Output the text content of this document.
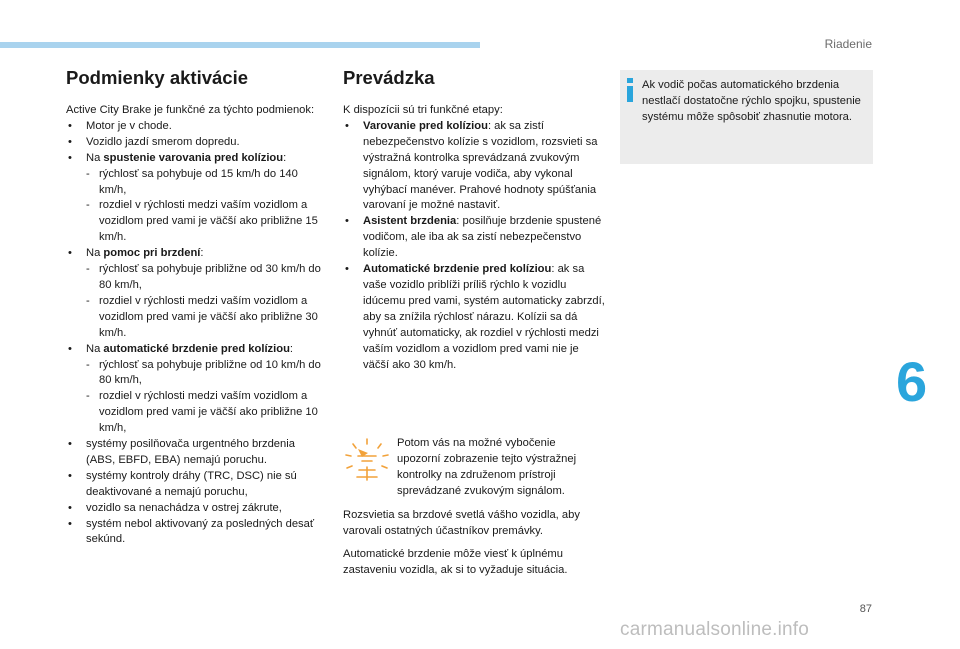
Riadenie
Podmienky aktivácie

Active City Brake je funkčné za týchto podmienok:

• Motor je v chode.
• Vozidlo jazdí smerom dopredu.
• Na spustenie varovania pred kolíziou:
- rýchlosť sa pohybuje od 15 km/h do 140 km/h,
- rozdiel v rýchlosti medzi vaším vozidlom a vozidlom pred vami je väčší ako približne 15 km/h.
• Na pomoc pri brzdení:
- rýchlosť sa pohybuje približne od 30 km/h do 80 km/h,
- rozdiel v rýchlosti medzi vaším vozidlom a vozidlom pred vami je väčší ako približne 30 km/h.
• Na automatické brzdenie pred kolíziou:
- rýchlosť sa pohybuje približne od 10 km/h do 80 km/h,
- rozdiel v rýchlosti medzi vaším vozidlom a vozidlom pred vami je väčší ako približne 10 km/h,
• systémy posilňovača urgentného brzdenia (ABS, EBFD, EBA) nemajú poruchu.
• systémy kontroly dráhy (TRC, DSC) nie sú deaktivované a nemajú poruchu,
• vozidlo sa nenachádza v ostrej zákrute,
• systém nebol aktivovaný za posledných desať sekúnd.
Prevádzka

K dispozícii sú tri funkčné etapy:

• Varovanie pred kolíziou: ak sa zistí nebezpečenstvo kolízie s vozidlom, rozsvieti sa výstražná kontrolka sprevádzaná zvukovým signálom, ktorý varuje vodiča, aby vykonal vyhýbací manéver. Prahové hodnoty spúšťania varovaní je možné nastaviť.
• Asistent brzdenia: posilňuje brzdenie spustené vodičom, ale iba ak sa zistí nebezpečenstvo kolízie.
• Automatické brzdenie pred kolíziou: ak sa vaše vozidlo priblíži príliš rýchlo k vozidlu idúcemu pred vami, systém automaticky zabrzdí, aby sa znížila rýchlosť nárazu. Kolízii sa dá vyhnúť automaticky, ak rozdiel v rýchlosti medzi vaším vozidlom a vozidlom pred vami nie je väčší ako 30 km/h.
Potom vás na možné vybočenie upozorní zobrazenie tejto výstražnej kontrolky na združenom prístroji sprevádzané zvukovým signálom.
Rozsvietia sa brzdové svetlá vášho vozidla, aby varovali ostatných účastníkov premávky.
Automatické brzdenie môže viesť k úplnému zastaveniu vozidla, ak si to vyžaduje situácia.
Ak vodič počas automatického brzdenia nestlačí dostatočne rýchlo spojku, spustenie systému môže spôsobiť zhasnutie motora.
6
87
carmanualsonline.info
